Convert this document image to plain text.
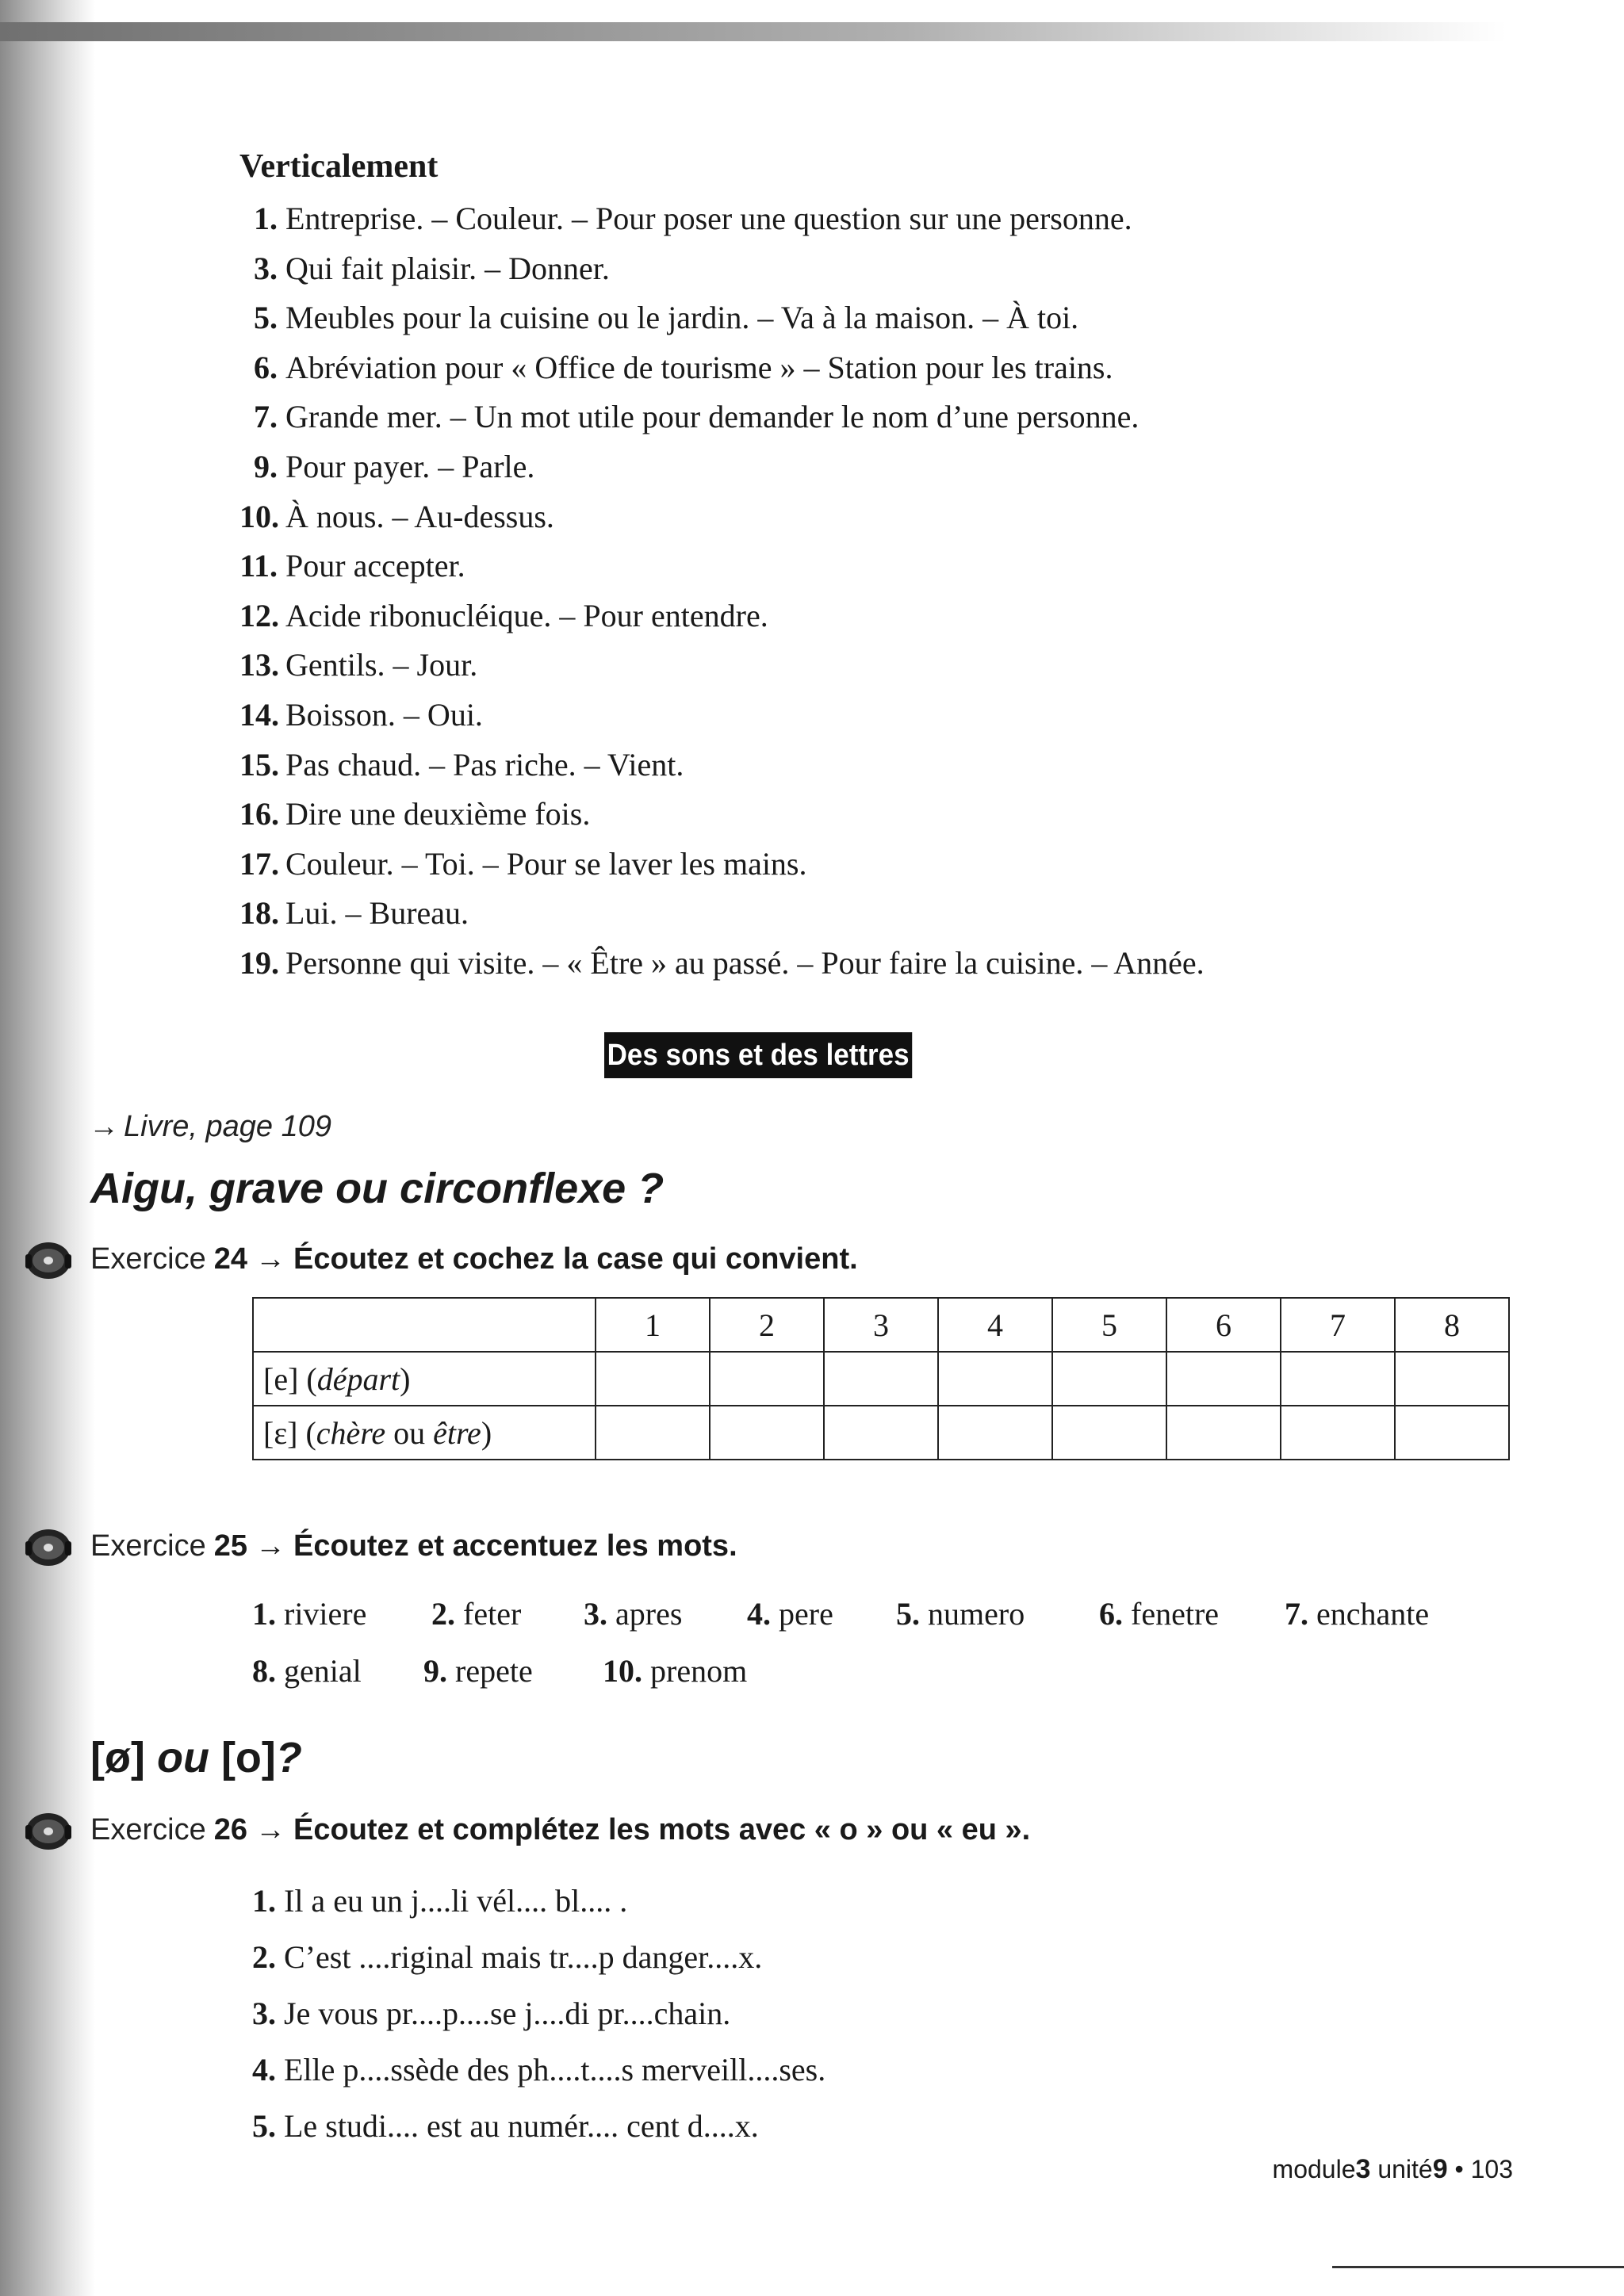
Verticalement
1. Entreprise. – Couleur. – Pour poser une question sur une personne.
3. Qui fait plaisir. – Donner.
5. Meubles pour la cuisine ou le jardin. – Va à la maison. – À toi.
6. Abréviation pour « Office de tourisme » – Station pour les trains.
7. Grande mer. – Un mot utile pour demander le nom d’une personne.
9. Pour payer. – Parle.
10. À nous. – Au-dessus.
11. Pour accepter.
12. Acide ribonucléique. – Pour entendre.
13. Gentils. – Jour.
14. Boisson. – Oui.
15. Pas chaud. – Pas riche. – Vient.
16. Dire une deuxième fois.
17. Couleur. – Toi. – Pour se laver les mains.
18. Lui. – Bureau.
19. Personne qui visite. – « Être » au passé. – Pour faire la cuisine. – Année.
Des sons et des lettres
→ Livre, page 109
Aigu, grave ou circonflexe ?
Exercice 24 → Écoutez et cochez la case qui convient.
	1	2	3	4	5	6	7	8
[e] (départ)								
[ε] (chère ou être)								
Exercice 25 → Écoutez et accentuez les mots.
1. riviere 2. feter 3. apres 4. pere 5. numero 6. fenetre 7. enchante
8. genial 9. repete 10. prenom
[ø] ou [o]?
Exercice 26 → Écoutez et complétez les mots avec « o » ou « eu ».
1. Il a eu un j....li vél.... bl.... .
2. C’est ....riginal mais tr....p danger....x.
3. Je vous pr....p....se j....di pr....chain.
4. Elle p....ssède des ph....t....s merveill....ses.
5. Le studi.... est au numér.... cent d....x.
module3 unité9 • 103
